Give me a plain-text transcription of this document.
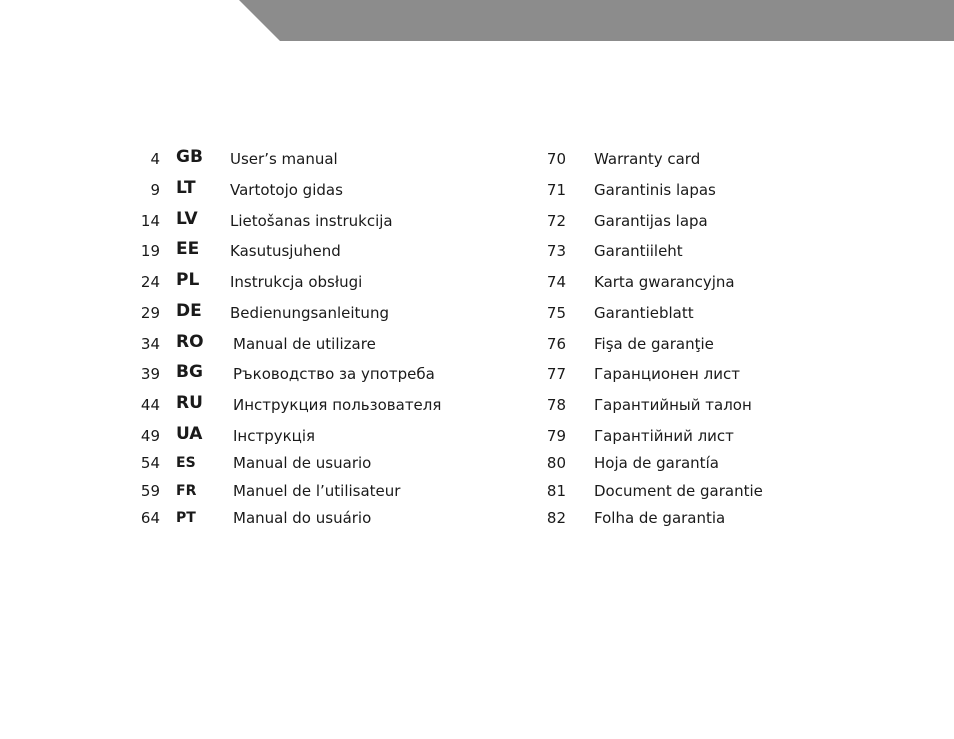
4 GB User’s manual
9 LT Vartotojo gidas
14 LV Lietošanas instrukcija
19 EE Kasutusjuhend
24 PL Instrukcja obsługi
29 DE Bedienungsanleitung
34 RO Manual de utilizare
39 BG Ръководство за употреба
44 RU Инструкция пользователя
49 UA Інструкція
54 ES Manual de usuario
59 FR Manuel de l’utilisateur
64 PT Manual do usuário
70 Warranty card
71 Garantinis lapas
72 Garantijas lapa
73 Garantiileht
74 Karta gwarancyjna
75 Garantieblatt
76 Fişa de garanţie
77 Гаранционен лист
78 Гарантийный талон
79 Гарантійний лист
80 Hoja de garantía
81 Document de garantie
82 Folha de garantia
